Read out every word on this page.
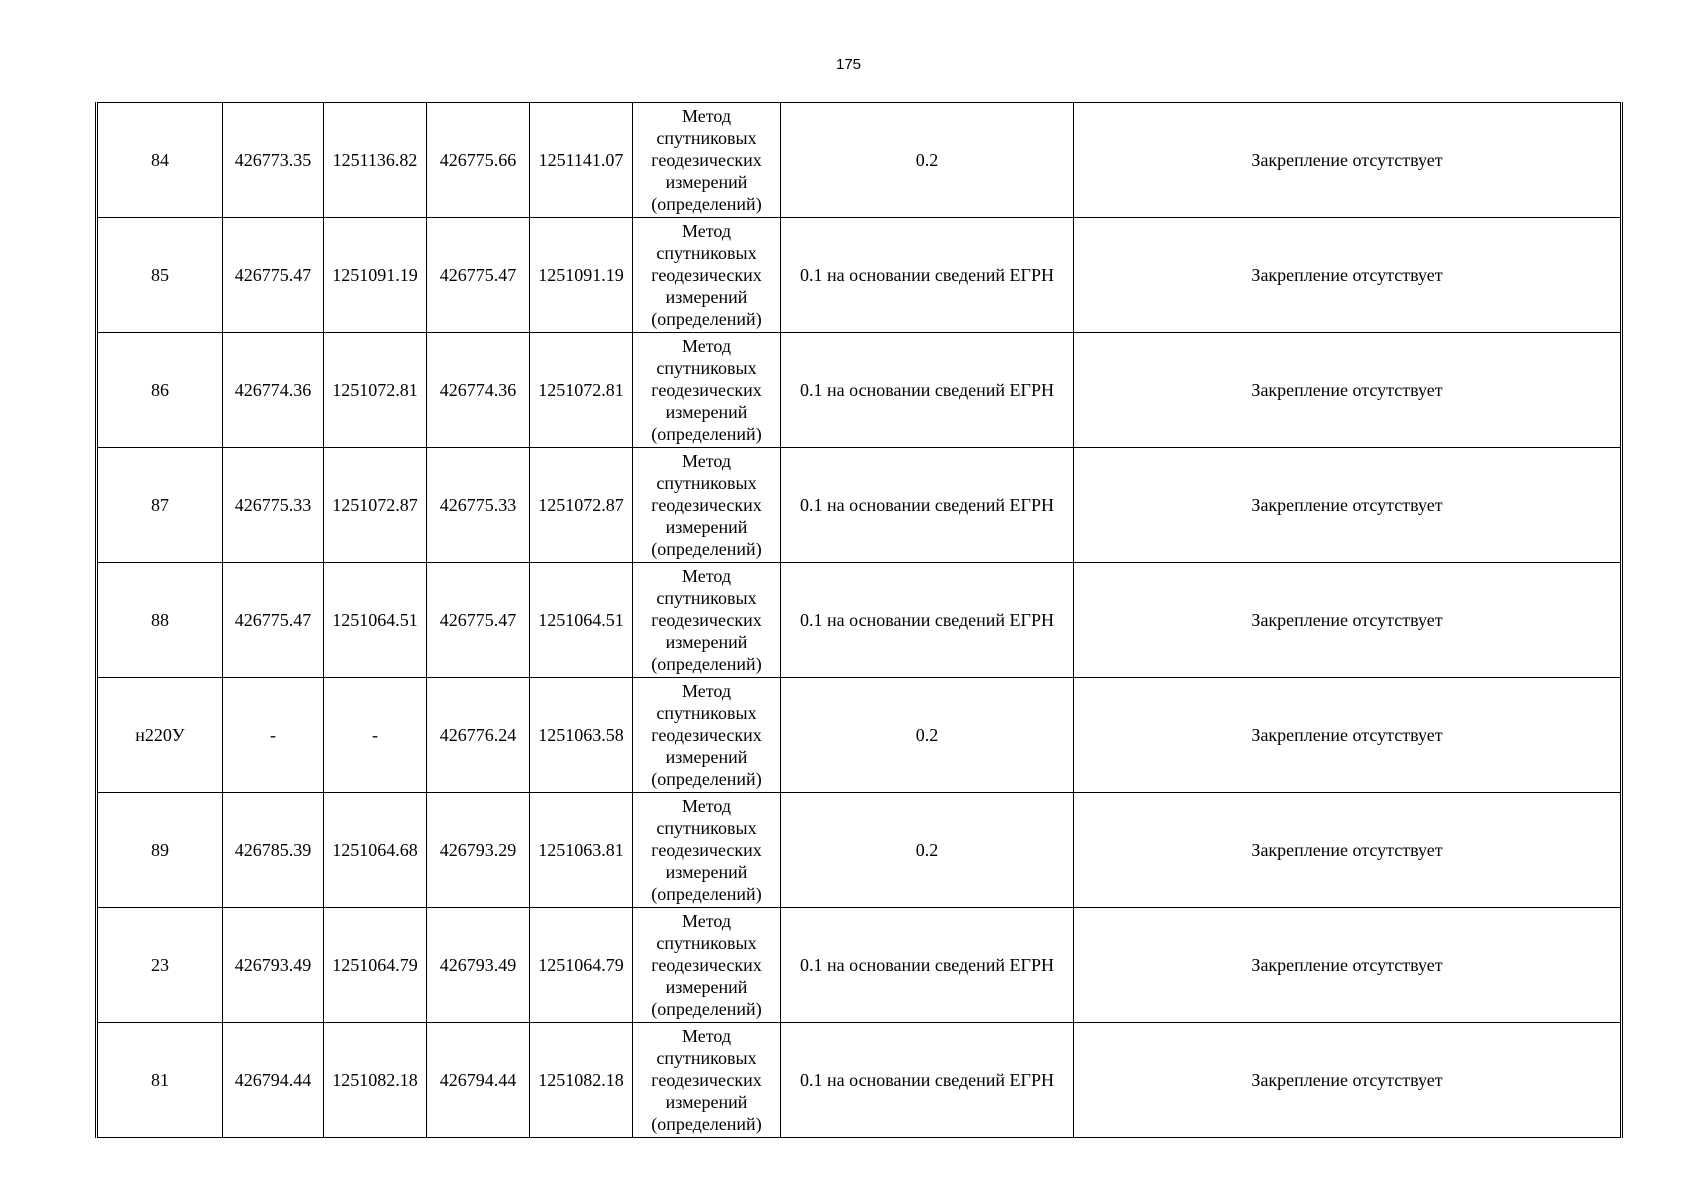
175
84	426773.35	1251136.82	426775.66	1251141.07	Метод
спутниковых
геодезических
измерений
(определений)	0.2	Закрепление отсутствует
85	426775.47	1251091.19	426775.47	1251091.19	Метод
спутниковых
геодезических
измерений
(определений)	0.1 на основании сведений ЕГРН	Закрепление отсутствует
86	426774.36	1251072.81	426774.36	1251072.81	Метод
спутниковых
геодезических
измерений
(определений)	0.1 на основании сведений ЕГРН	Закрепление отсутствует
87	426775.33	1251072.87	426775.33	1251072.87	Метод
спутниковых
геодезических
измерений
(определений)	0.1 на основании сведений ЕГРН	Закрепление отсутствует
88	426775.47	1251064.51	426775.47	1251064.51	Метод
спутниковых
геодезических
измерений
(определений)	0.1 на основании сведений ЕГРН	Закрепление отсутствует
н220У	-	-	426776.24	1251063.58	Метод
спутниковых
геодезических
измерений
(определений)	0.2	Закрепление отсутствует
89	426785.39	1251064.68	426793.29	1251063.81	Метод
спутниковых
геодезических
измерений
(определений)	0.2	Закрепление отсутствует
23	426793.49	1251064.79	426793.49	1251064.79	Метод
спутниковых
геодезических
измерений
(определений)	0.1 на основании сведений ЕГРН	Закрепление отсутствует
81	426794.44	1251082.18	426794.44	1251082.18	Метод
спутниковых
геодезических
измерений
(определений)	0.1 на основании сведений ЕГРН	Закрепление отсутствует
